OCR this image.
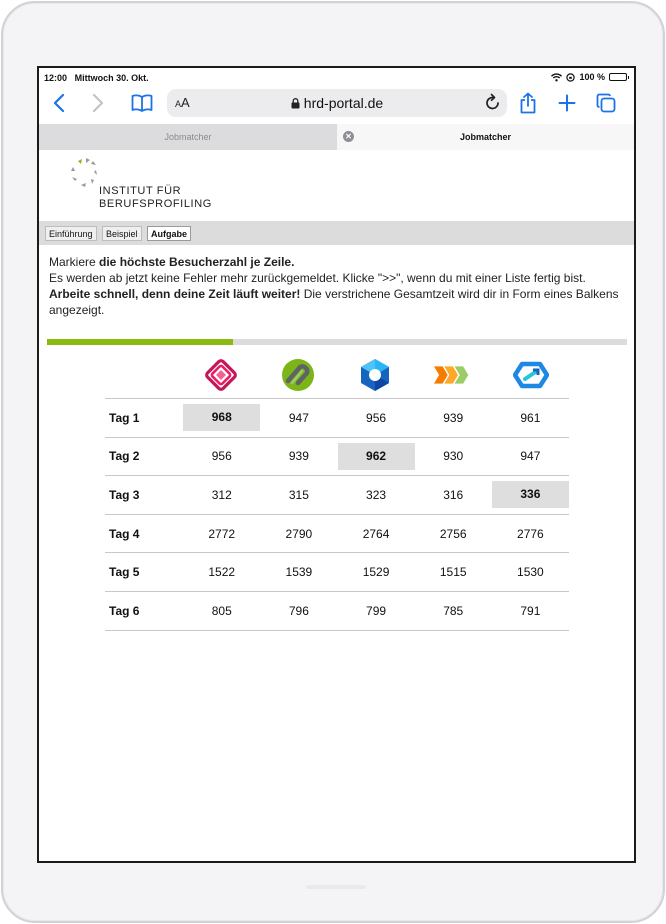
12:00 Mittwoch 30. Okt.	100 %
AA	hrd-portal.de
Jobmatcher	✕	Jobmatcher
INSTITUT FÜR
BERUFSPROFILING
Einführung	Beispiel	Aufgabe
Markiere die höchste Besucherzahl je Zeile.
Es werden ab jetzt keine Fehler mehr zurückgemeldet. Klicke ">>", wenn du mit einer Liste fertig bist.
Arbeite schnell, denn deine Zeit läuft weiter! Die verstrichene Gesamtzeit wird dir in Form eines Balkens angezeigt.
Tag 1	968	947	956	939	961
Tag 2	956	939	962	930	947
Tag 3	312	315	323	316	336

Tag 4	2772	2790	2764	2756	2776
Tag 5	1522	1539	1529	1515	1530
Tag 6	805	796	799	785	791
